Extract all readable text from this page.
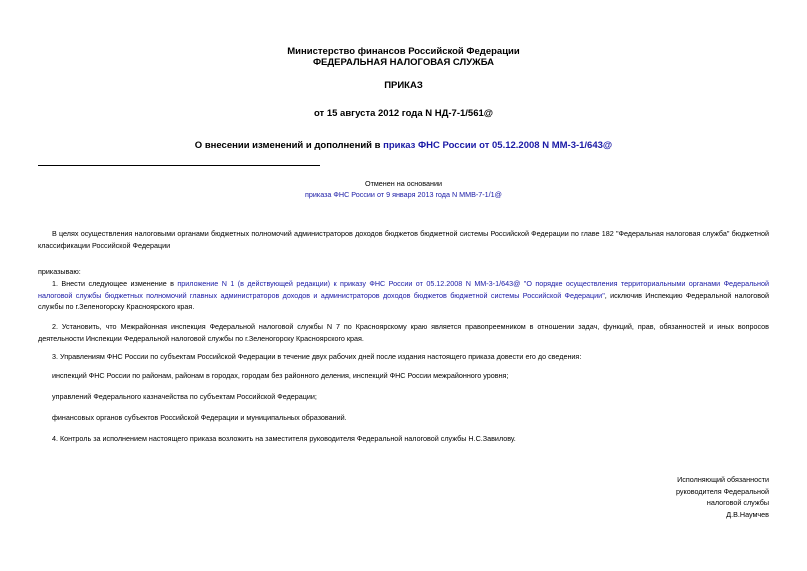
Министерство финансов Российской Федерации
ФЕДЕРАЛЬНАЯ НАЛОГОВАЯ СЛУЖБА
ПРИКАЗ
от 15 августа 2012 года N НД-7-1/561@
О внесении изменений и дополнений в приказ ФНС России от 05.12.2008 N ММ-3-1/643@
Отменен на основании
приказа ФНС России от 9 января 2013 года N ММВ-7-1/1@
В целях осуществления налоговыми органами бюджетных полномочий администраторов доходов бюджетов бюджетной системы Российской Федерации по главе 182 "Федеральная налоговая служба" бюджетной классификации Российской Федерации
приказываю:
1. Внести следующее изменение в приложение N 1 (в действующей редакции) к приказу ФНС России от 05.12.2008 N ММ-3-1/643@ "О порядке осуществления территориальными органами Федеральной налоговой службы бюджетных полномочий главных администраторов доходов и администраторов доходов бюджетов бюджетной системы Российской Федерации", исключив Инспекцию Федеральной налоговой службы по г.Зеленогорску Красноярского края.
2. Установить, что Межрайонная инспекция Федеральной налоговой службы N 7 по Красноярскому краю является правопреемником в отношении задач, функций, прав, обязанностей и иных вопросов деятельности Инспекции Федеральной налоговой службы по г.Зеленогорску Красноярского края.
3. Управлениям ФНС России по субъектам Российской Федерации в течение двух рабочих дней после издания настоящего приказа довести его до сведения:
инспекций ФНС России по районам, районам в городах, городам без районного деления, инспекций ФНС России межрайонного уровня;
управлений Федерального казначейства по субъектам Российской Федерации;
финансовых органов субъектов Российской Федерации и муниципальных образований.
4. Контроль за исполнением настоящего приказа возложить на заместителя руководителя Федеральной налоговой службы Н.С.Завилову.
Исполняющий обязанности
руководителя Федеральной
налоговой службы
Д.В.Наумчев
